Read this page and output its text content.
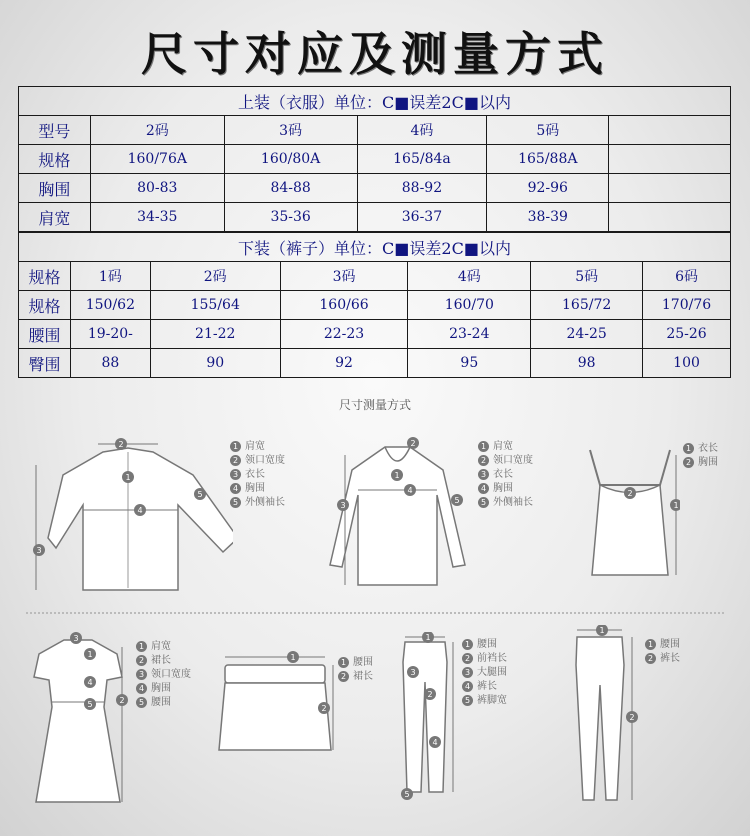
尺寸对应及测量方式
上装（衣服）单位：C■误差2C■以内					
型号	2码	3码	4码	5码	
规格	160/76A	160/80A	165/84a	165/88A	
胸围	80-83	84-88	88-92	92-96	
肩宽	34-35	35-36	36-37	38-39	
下装（裤子）单位：C■误差2C■以内						
规格	1码	2码	3码	4码	5码	6码
规格	150/62	155/64	160/66	160/70	165/72	170/76
腰围	19-20-	21-22	22-23	23-24	24-25	25-26
臀围	88	90	92	95	98	100
尺寸测量方式
2
1
3
4
5
1 肩宽
2 领口宽度
3 衣长
4 胸围
5 外侧袖长
2
1
3
4
5
1 肩宽
2 领口宽度
3 衣长
4 胸围
5 外侧袖长
2
1
1 衣长
2 胸围
3
1
4
5	2
1 肩宽
2 裙长
3 领口宽度
4 胸围
5 腰围
1
2
1 腰围
2 裙长
1
3
2
4
5
1 腰围
2 前裆长
3 大腿围
4 裤长
5 裤脚宽
1
2
1 腰围
2 裤长
